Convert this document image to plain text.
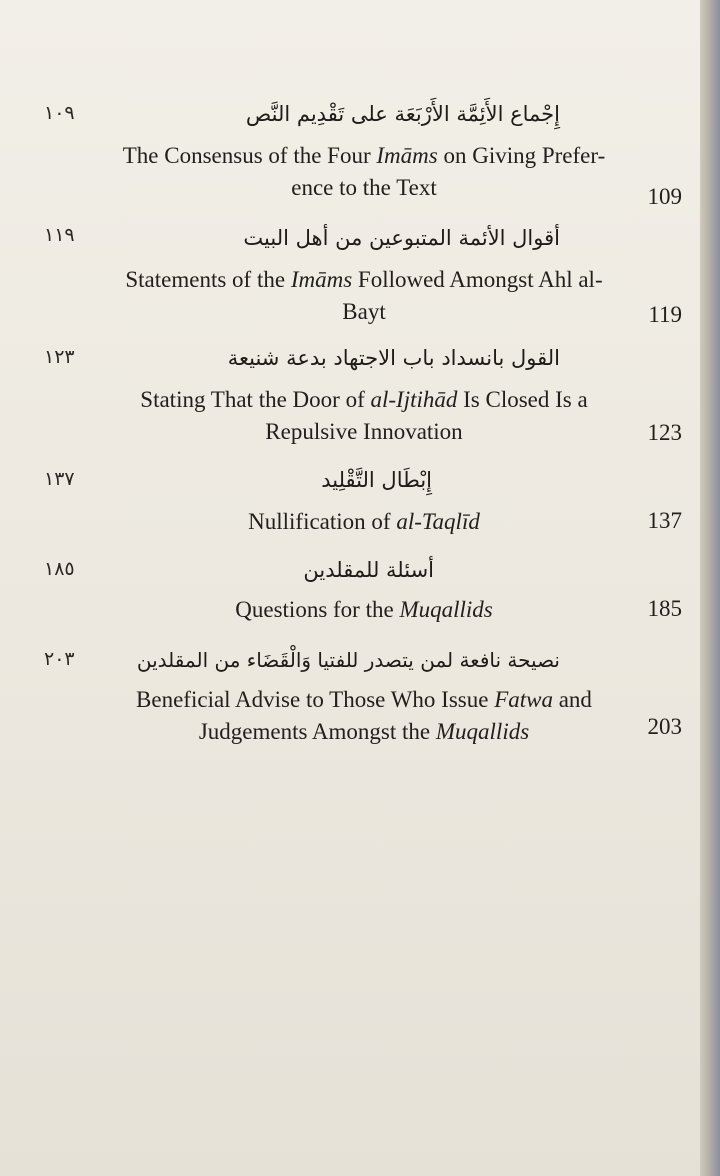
١٠٩	إِجْماع الأَئِمَّة الأَرْبَعَة على تَقْدِيم النَّص
The Consensus of the Four Imāms on Giving Prefer-
ence to the Text	109
١١٩	أقوال الأئمة المتبوعين من أهل البيت
Statements of the Imāms Followed Amongst Ahl al-
Bayt	119
١٢٣	القول بانسداد باب الاجتهاد بدعة شنيعة
Stating That the Door of al-Ijtihād Is Closed Is a
Repulsive Innovation	123
١٣٧	إِبْطَال التَّقْلِيد
Nullification of al-Taqlīd	137
١٨٥	أسئلة للمقلدين
Questions for the Muqallids	185
٢٠٣	نصيحة نافعة لمن يتصدر للفتيا وَالْقَضَاء من المقلدين
Beneficial Advise to Those Who Issue Fatwa and
Judgements Amongst the Muqallids	203
